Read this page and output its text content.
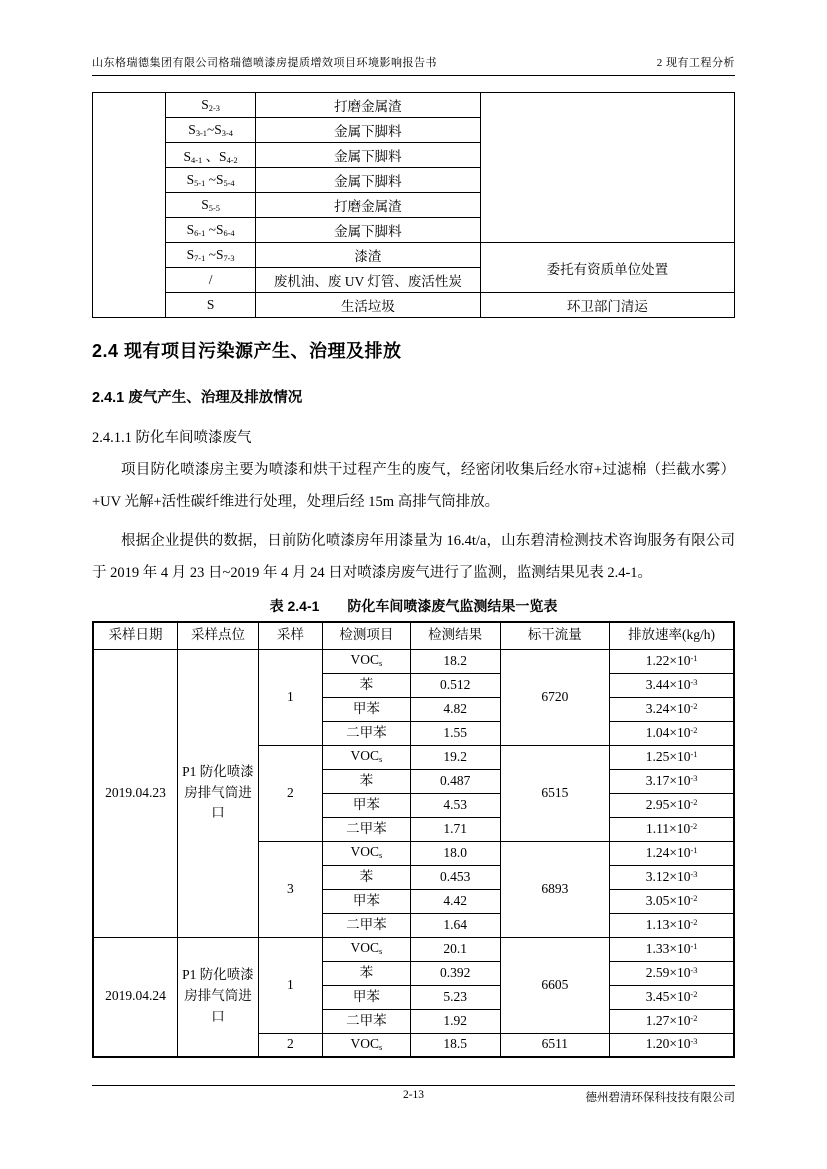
山东格瑞德集团有限公司格瑞德喷漆房提质增效项目环境影响报告书	2 现有工程分析
	$S_{2-3}$	打磨金属渣	
	$S_{3-1}\sim S_{3-4}$	金属下脚料	
	$S_{4-1}$ 、$S_{4-2}$	金属下脚料	
	$S_{5-1}$ $\sim S_{5-4}$	金属下脚料	
	$S_{5-5}$	打磨金属渣	
	$S_{6-1}$ $\sim S_{6-4}$	金属下脚料	
	$S_{7-1}$ $\sim S_{7-3}$	漆渣	委托有资质单位处置
	/	废机油、废 UV 灯管、废活性炭	
	S	生活垃圾	环卫部门清运
2.4 现有项目污染源产生、治理及排放
2.4.1 废气产生、治理及排放情况
2.4.1.1 防化车间喷漆废气

项目防化喷漆房主要为喷漆和烘干过程产生的废气，经密闭收集后经水帘+过滤棉（拦截水雾）+UV 光解+活性碳纤维进行处理，处理后经 15m 高排气筒排放。

根据企业提供的数据，日前防化喷漆房年用漆量为 16.4t/a，山东碧清检测技术咨询服务有限公司于 2019 年 4 月 23 日~2019 年 4 月 24 日对喷漆房废气进行了监测，监测结果见表 2.4-1。

表 2.4-1　　防化车间喷漆废气监测结果一览表
采样日期	采样点位	采样	检测项目	检测结果	标干流量	排放速率(kg/h)
2019.04.23	P1 防化喷漆房排气筒进口	1	$VOC_s$	18.2	6720	$1.22\times 10^{-1}$
			苯	0.512		$3.44\times 10^{-3}$
			甲苯	4.82		$3.24\times 10^{-2}$
			二甲苯	1.55		$1.04\times 10^{-2}$
		2	$VOC_s$	19.2	6515	$1.25\times 10^{-1}$
			苯	0.487		$3.17\times 10^{-3}$
			甲苯	4.53		$2.95\times 10^{-2}$
			二甲苯	1.71		$1.11\times 10^{-2}$
		3	$VOC_s$	18.0	6893	$1.24\times 10^{-1}$
			苯	0.453		$3.12\times 10^{-3}$
			甲苯	4.42		$3.05\times 10^{-2}$
			二甲苯	1.64		$1.13\times 10^{-2}$
2019.04.24	P1 防化喷漆房排气筒进口	1	$VOC_s$	20.1	6605	$1.33\times 10^{-1}$
			苯	0.392		$2.59\times 10^{-3}$
			甲苯	5.23		$3.45\times 10^{-2}$
			二甲苯	1.92		$1.27\times 10^{-2}$
		2	$VOC_s$	18.5	6511	$1.20\times 10^{-3}$
2-13	德州碧清环保科技技有限公司
